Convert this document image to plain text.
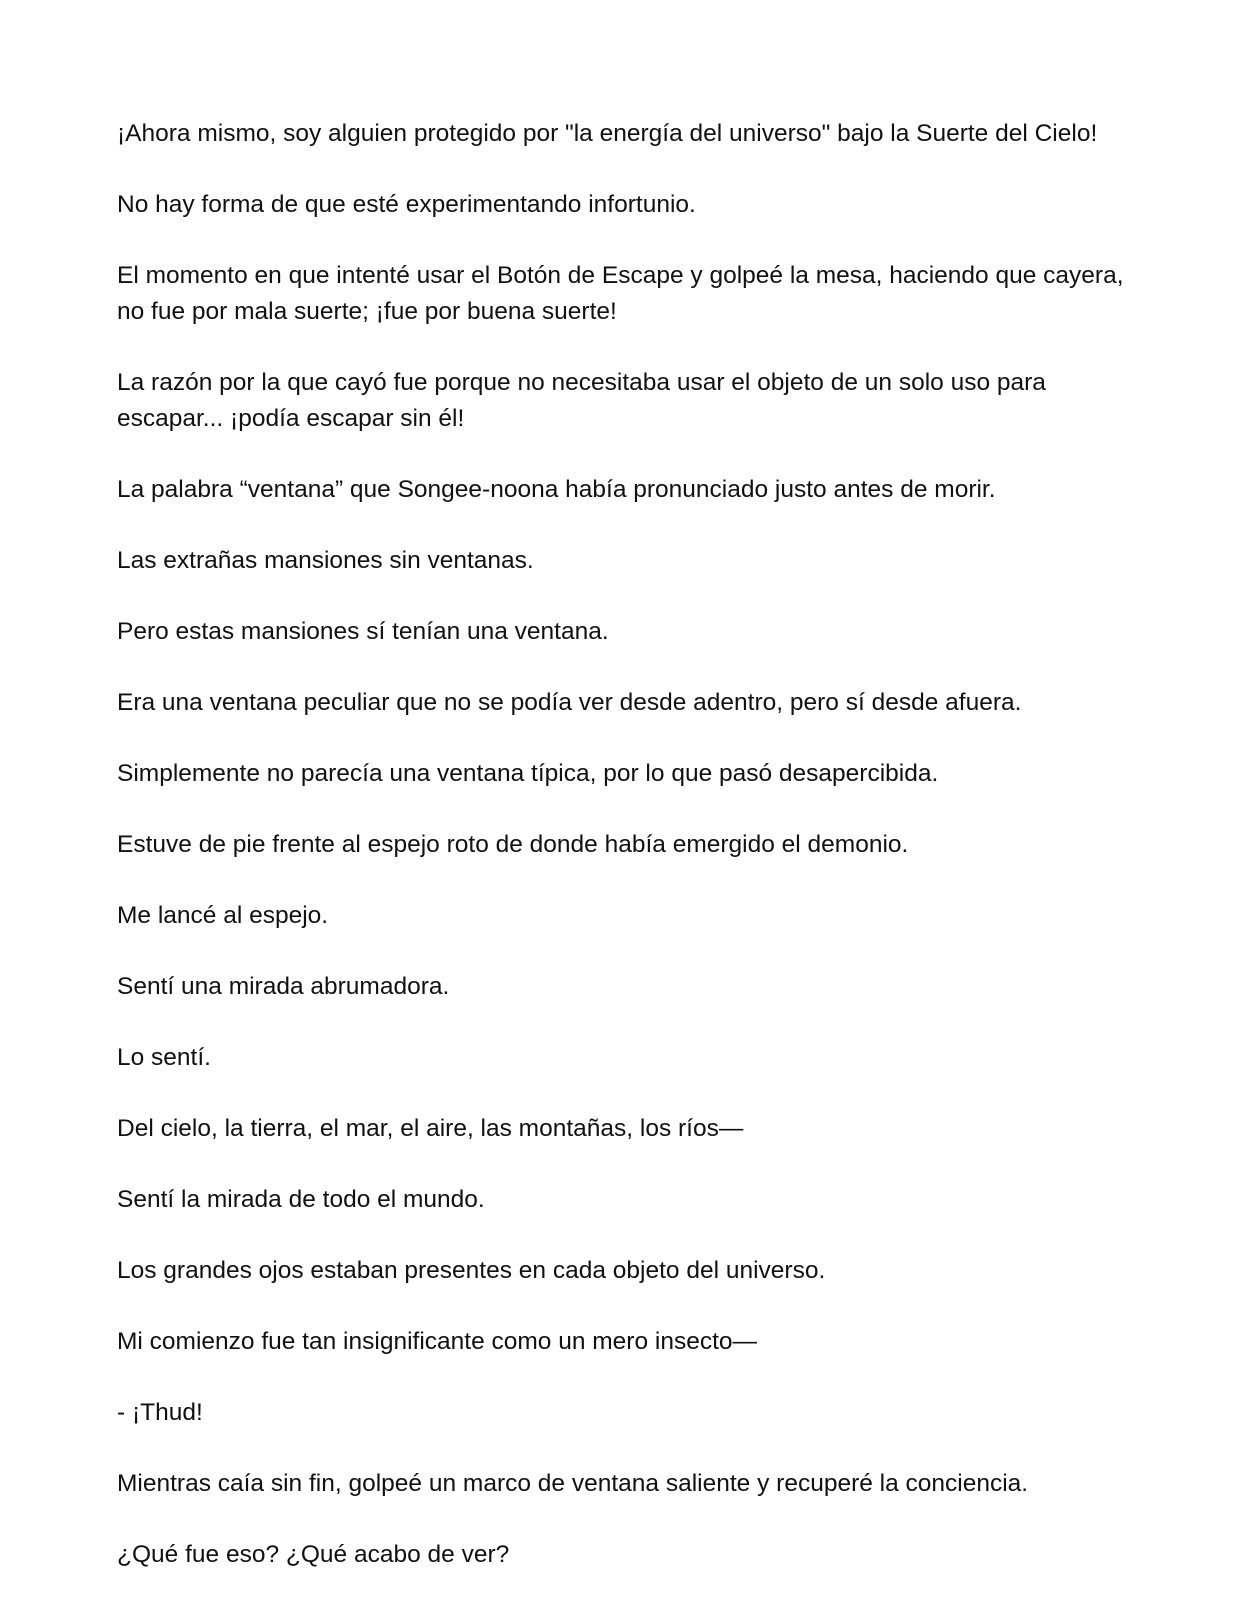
¡Ahora mismo, soy alguien protegido por "la energía del universo" bajo la Suerte del Cielo!

No hay forma de que esté experimentando infortunio.

El momento en que intenté usar el Botón de Escape y golpeé la mesa, haciendo que cayera, no fue por mala suerte; ¡fue por buena suerte!

La razón por la que cayó fue porque no necesitaba usar el objeto de un solo uso para escapar... ¡podía escapar sin él!

La palabra “ventana” que Songee-noona había pronunciado justo antes de morir.

Las extrañas mansiones sin ventanas.

Pero estas mansiones sí tenían una ventana.

Era una ventana peculiar que no se podía ver desde adentro, pero sí desde afuera.

Simplemente no parecía una ventana típica, por lo que pasó desapercibida.

Estuve de pie frente al espejo roto de donde había emergido el demonio.

Me lancé al espejo.

Sentí una mirada abrumadora.

Lo sentí.

Del cielo, la tierra, el mar, el aire, las montañas, los ríos—

Sentí la mirada de todo el mundo.

Los grandes ojos estaban presentes en cada objeto del universo.

Mi comienzo fue tan insignificante como un mero insecto—

- ¡Thud!

Mientras caía sin fin, golpeé un marco de ventana saliente y recuperé la conciencia.

¿Qué fue eso? ¿Qué acabo de ver?
